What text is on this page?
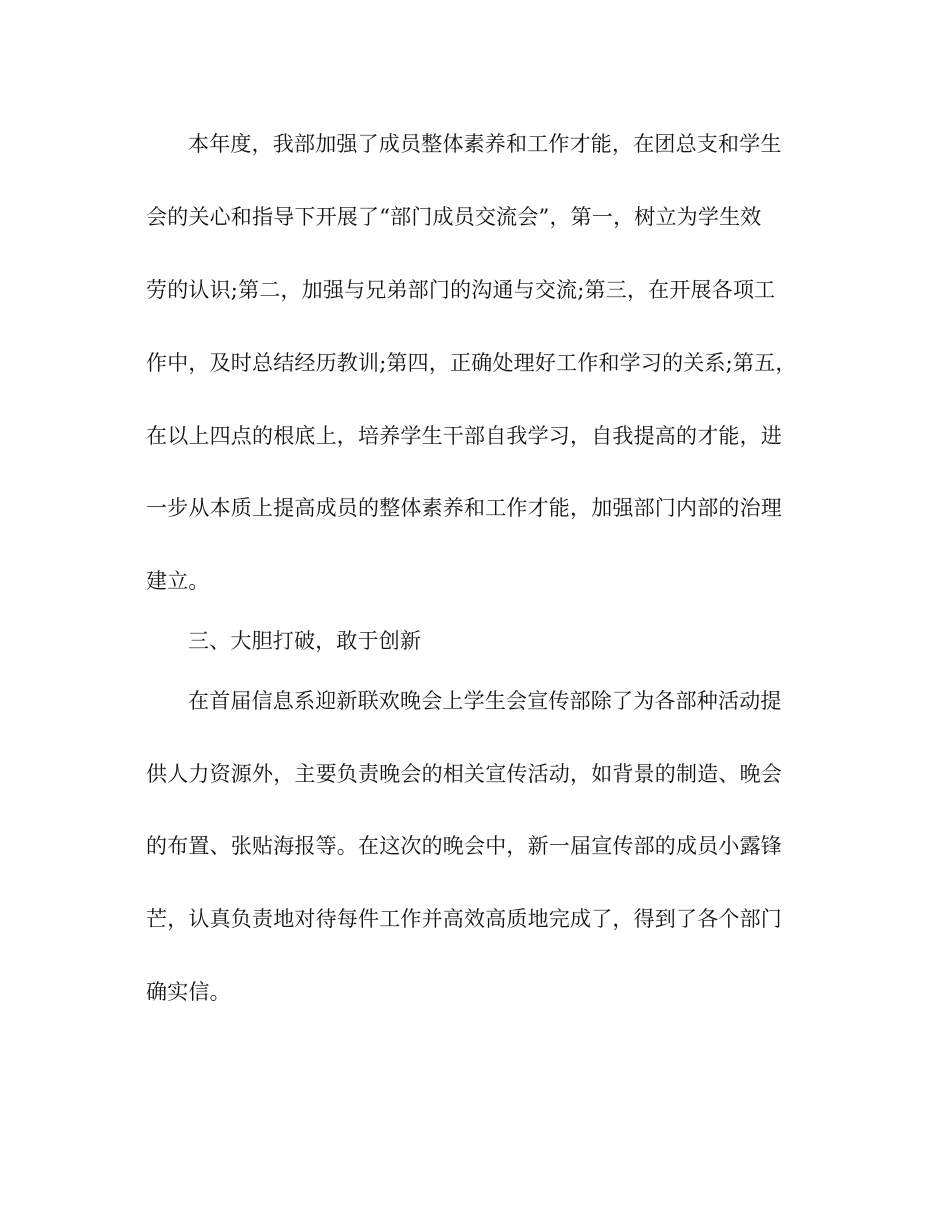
本年度，我部加强了成员整体素养和工作才能，在团总支和学生
会的关心和指导下开展了“部门成员交流会”，第一，树立为学生效
劳的认识;第二，加强与兄弟部门的沟通与交流;第三，在开展各项工
作中，及时总结经历教训;第四，正确处理好工作和学习的关系;第五，
在以上四点的根底上，培养学生干部自我学习，自我提高的才能，进
一步从本质上提高成员的整体素养和工作才能，加强部门内部的治理
建立。
三、大胆打破，敢于创新
在首届信息系迎新联欢晚会上学生会宣传部除了为各部种活动提
供人力资源外，主要负责晚会的相关宣传活动，如背景的制造、晚会
的布置、张贴海报等。在这次的晚会中，新一届宣传部的成员小露锋
芒，认真负责地对待每件工作并高效高质地完成了，得到了各个部门
确实信。
